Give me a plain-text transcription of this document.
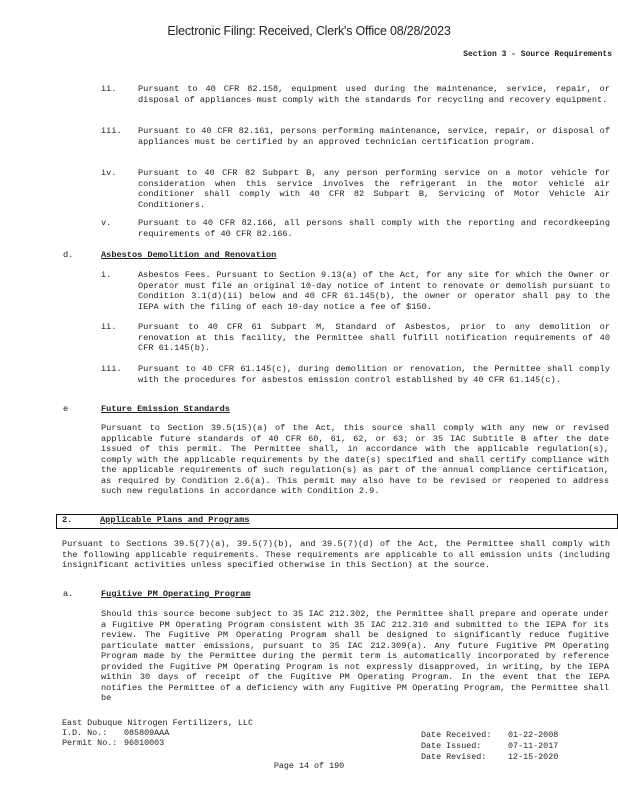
Electronic Filing: Received, Clerk's Office 08/28/2023
Section 3 - Source Requirements
ii.	Pursuant to 40 CFR 82.158, equipment used during the maintenance, service, repair, or disposal of appliances must comply with the standards for recycling and recovery equipment.
iii. Pursuant to 40 CFR 82.161, persons performing maintenance, service, repair, or disposal of appliances must be certified by an approved technician certification program.
iv.	Pursuant to 40 CFR 82 Subpart B, any person performing service on a motor vehicle for consideration when this service involves the refrigerant in the motor vehicle air conditioner shall comply with 40 CFR 82 Subpart B, Servicing of Motor Vehicle Air Conditioners.
v.	Pursuant to 40 CFR 82.166, all persons shall comply with the reporting and recordkeeping requirements of 40 CFR 82.166.
d.	Asbestos Demolition and Renovation
i.	Asbestos Fees. Pursuant to Section 9.13(a) of the Act, for any site for which the Owner or Operator must file an original 10-day notice of intent to renovate or demolish pursuant to Condition 3.1(d)(ii) below and 40 CFR 61.145(b), the owner or operator shall pay to the IEPA with the filing of each 10-day notice a fee of $150.
ii.	Pursuant to 40 CFR 61 Subpart M, Standard of Asbestos, prior to any demolition or renovation at this facility, the Permittee shall fulfill notification requirements of 40 CFR 61.145(b).
iii. Pursuant to 40 CFR 61.145(c), during demolition or renovation, the Permittee shall comply with the procedures for asbestos emission control established by 40 CFR 61.145(c).
e	Future Emission Standards
Pursuant to Section 39.5(15)(a) of the Act, this source shall comply with any new or revised applicable future standards of 40 CFR 60, 61, 62, or 63; or 35 IAC Subtitle B after the date issued of this permit. The Permittee shall, in accordance with the applicable regulation(s), comply with the applicable requirements by the date(s) specified and shall certify compliance with the applicable requirements of such regulation(s) as part of the annual compliance certification, as required by Condition 2.6(a). This permit may also have to be revised or reopened to address such new regulations in accordance with Condition 2.9.
2.	Applicable Plans and Programs
Pursuant to Sections 39.5(7)(a), 39.5(7)(b), and 39.5(7)(d) of the Act, the Permittee shall comply with the following applicable requirements. These requirements are applicable to all emission units (including insignificant activities unless specified otherwise in this Section) at the source.
a.	Fugitive PM Operating Program
Should this source become subject to 35 IAC 212.302, the Permittee shall prepare and operate under a Fugitive PM Operating Program consistent with 35 IAC 212.310 and submitted to the IEPA for its review. The Fugitive PM Operating Program shall be designed to significantly reduce fugitive particulate matter emissions, pursuant to 35 IAC 212.309(a). Any future Fugitive PM Operating Program made by the Permittee during the permit term is automatically incorporated by reference provided the Fugitive PM Operating Program is not expressly disapproved, in writing, by the IEPA within 30 days of receipt of the Fugitive PM Operating Program. In the event that the IEPA notifies the Permittee of a deficiency with any Fugitive PM Operating Program, the Permittee shall be
East Dubuque Nitrogen Fertilizers, LLC
I.D. No.: 085809AAA
Permit No.: 96010003
Date Received: 01-22-2008
Date Issued:	07-11-2017
Date Revised:	12-15-2020
Page 14 of 190
